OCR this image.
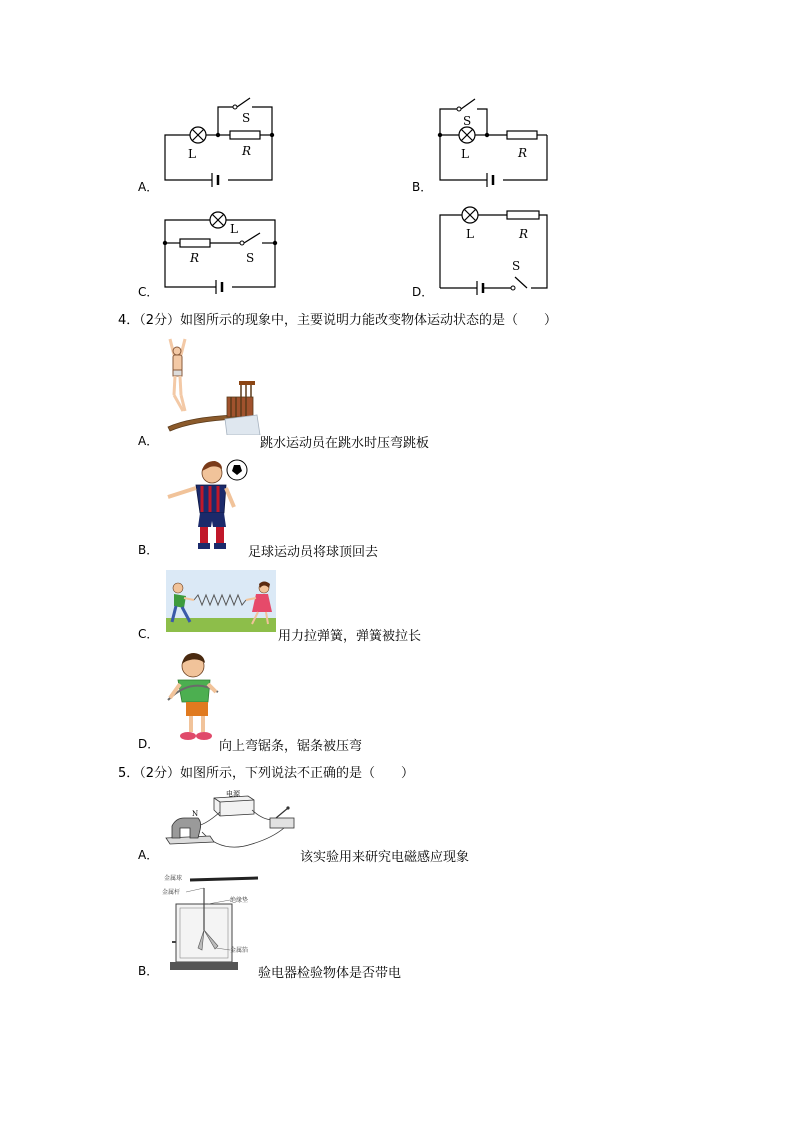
A．
S
L	R
B．
S
L	R
C．
L
R	S
D．
L	R
S
4．（2分）如图所示的现象中，主要说明力能改变物体运动状态的是（　　）
A．	跳水运动员在跳水时压弯跳板
B．	足球运动员将球顶回去
C．	用力拉弹簧，弹簧被拉长
D．	向上弯锯条，锯条被压弯
5．（2分）如图所示，下列说法不正确的是（　　）
A．
电源
N
该实验用来研究电磁感应现象
B．
金属球
金属杆
绝缘垫
金属箔
验电器检验物体是否带电
